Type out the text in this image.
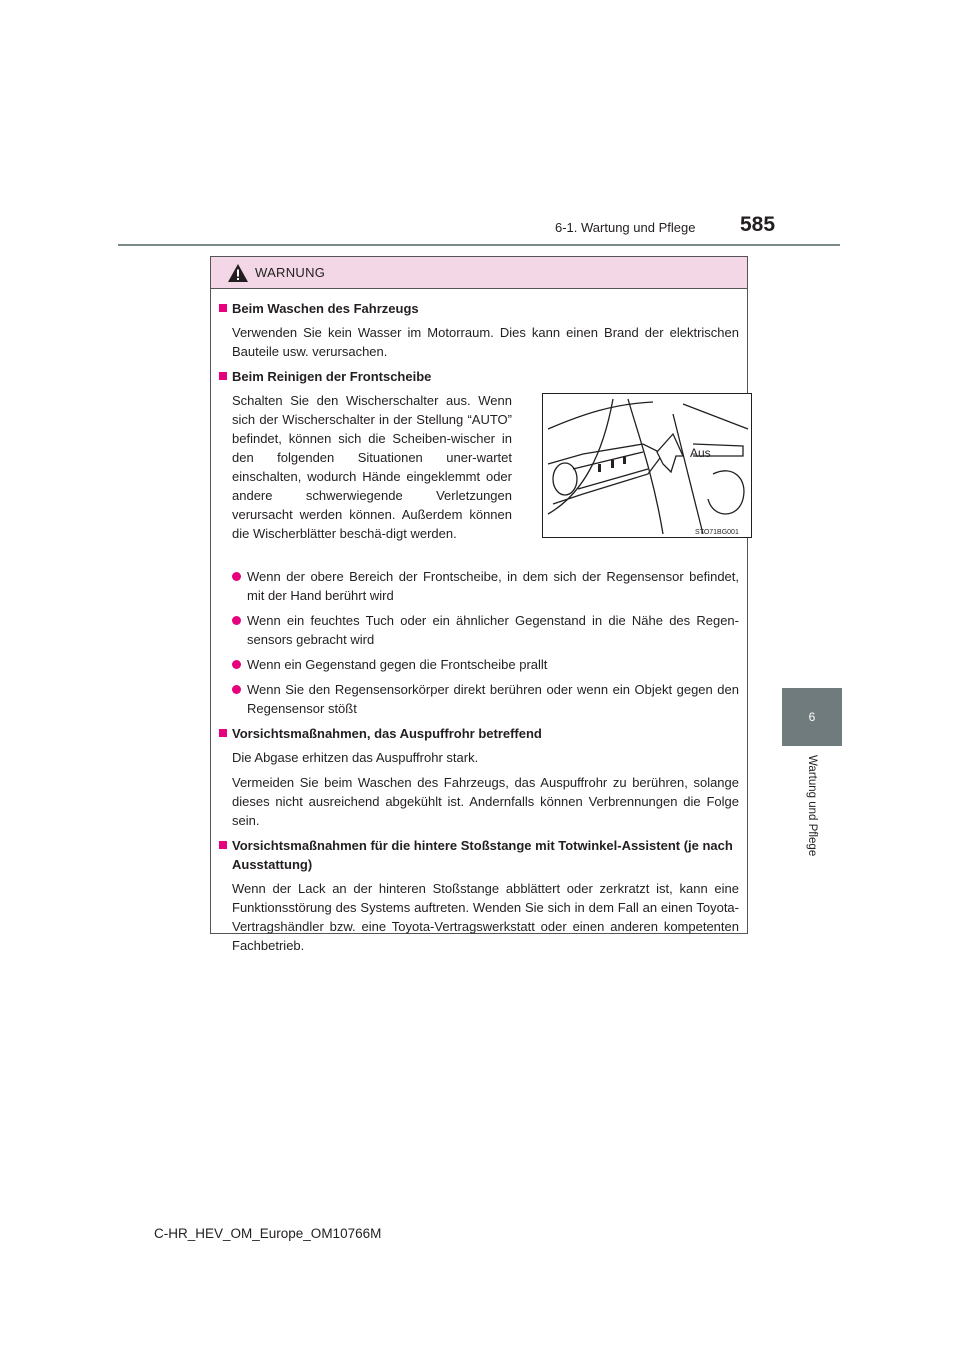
6-1. Wartung und Pflege 585
6
Wartung und Pflege
WARNUNG
Beim Waschen des Fahrzeugs
Verwenden Sie kein Wasser im Motorraum. Dies kann einen Brand der elektrischen Bauteile usw. verursachen.
Beim Reinigen der Frontscheibe
Schalten Sie den Wischerschalter aus. Wenn sich der Wischerschalter in der Stellung “AUTO” befindet, können sich die Scheiben-wischer in den folgenden Situationen uner-wartet einschalten, wodurch Hände eingeklemmt oder andere schwerwiegende Verletzungen verursacht werden können. Außerdem können die Wischerblätter beschä-digt werden.
Aus
STO71BG001
Wenn der obere Bereich der Frontscheibe, in dem sich der Regensensor befindet, mit der Hand berührt wird
Wenn ein feuchtes Tuch oder ein ähnlicher Gegenstand in die Nähe des Regen-sensors gebracht wird
Wenn ein Gegenstand gegen die Frontscheibe prallt
Wenn Sie den Regensensorkörper direkt berühren oder wenn ein Objekt gegen den Regensensor stößt
Vorsichtsmaßnahmen, das Auspuffrohr betreffend
Die Abgase erhitzen das Auspuffrohr stark.
Vermeiden Sie beim Waschen des Fahrzeugs, das Auspuffrohr zu berühren, solange dieses nicht ausreichend abgekühlt ist. Andernfalls können Verbrennungen die Folge sein.
Vorsichtsmaßnahmen für die hintere Stoßstange mit Totwinkel-Assistent (je nach Ausstattung)
Wenn der Lack an der hinteren Stoßstange abblättert oder zerkratzt ist, kann eine Funktionsstörung des Systems auftreten. Wenden Sie sich in dem Fall an einen Toyota-Vertragshändler bzw. eine Toyota-Vertragswerkstatt oder einen anderen kompetenten Fachbetrieb.
C-HR_HEV_OM_Europe_OM10766M
